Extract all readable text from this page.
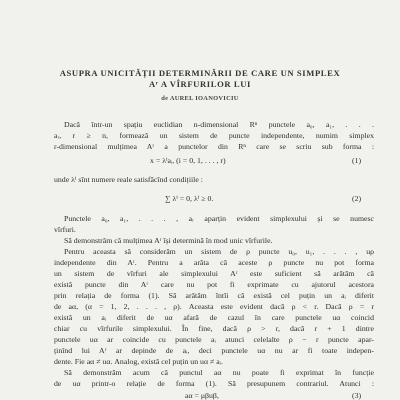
ASUPRA UNICITĂȚII DETERMINĂRII DE CARE UN SIMPLEX
Aʳ A VÎRFURILOR LUI
de AUREL IOANOVICIU
Dacă într-un spațiu euclidian n-dimensional Rⁿ punctele a₀, a₁, . . .
aᵣ, r ≥ n, formează un sistem de puncte independente, numim simplex
r-dimensional mulțimea Aʳ a punctelor din Rⁿ care se scriu sub forma :
x = λⁱaᵢ, (i = 0, 1, . . . , r)	(1)
unde λⁱ sînt numere reale satisfăcînd condițiile :
∑ λⁱ = 0, λⁱ ≥ 0.	(2)
Punctele a₀, a₁, . . . , aᵣ aparțin evident simplexului și se numesc
vîrfuri.
Să demonstrăm că mulțimea Aʳ își determină în mod unic vîrfurile.
Pentru aceasta să considerăm un sistem de ρ puncte u₀, u₁, . . . , uρ
independente din Aʳ. Pentru a arăta că aceste ρ puncte nu pot forma
un sistem de vîrfuri ale simplexului Aʳ este suficient să arătăm că
există puncte din Aʳ care nu pot fi exprimate cu ajutorul acestora
prin relația de forma (1). Să arătăm întîi că există cel puțin un aᵢ diferit
de aα, (α = 1, 2, . . . , ρ). Aceasta este evident dacă ρ < r. Dacă ρ = r
există un aᵢ diferit de uα afară de cazul în care punctele uα coincid
chiar cu vîrfurile simplexului. În fine, dacă ρ > r, dacă r + 1 dintre
punctele uα ar coincide cu punctele aᵢ atunci celelalte ρ − r puncte apar-
ținînd lui Aʳ ar depinde de aᵢ, deci punctele uα nu ar fi toate indepen-
dente. Fie aα ≠ uα. Analog, există cel puțin un uα ≠ aᵢ.
Să demonstrăm acum că punctul aα nu poate fi exprimat în funcție
de uα printr-o relație de forma (1). Să presupunem contrariul. Atunci :
aα = μβuβ,	(3)
